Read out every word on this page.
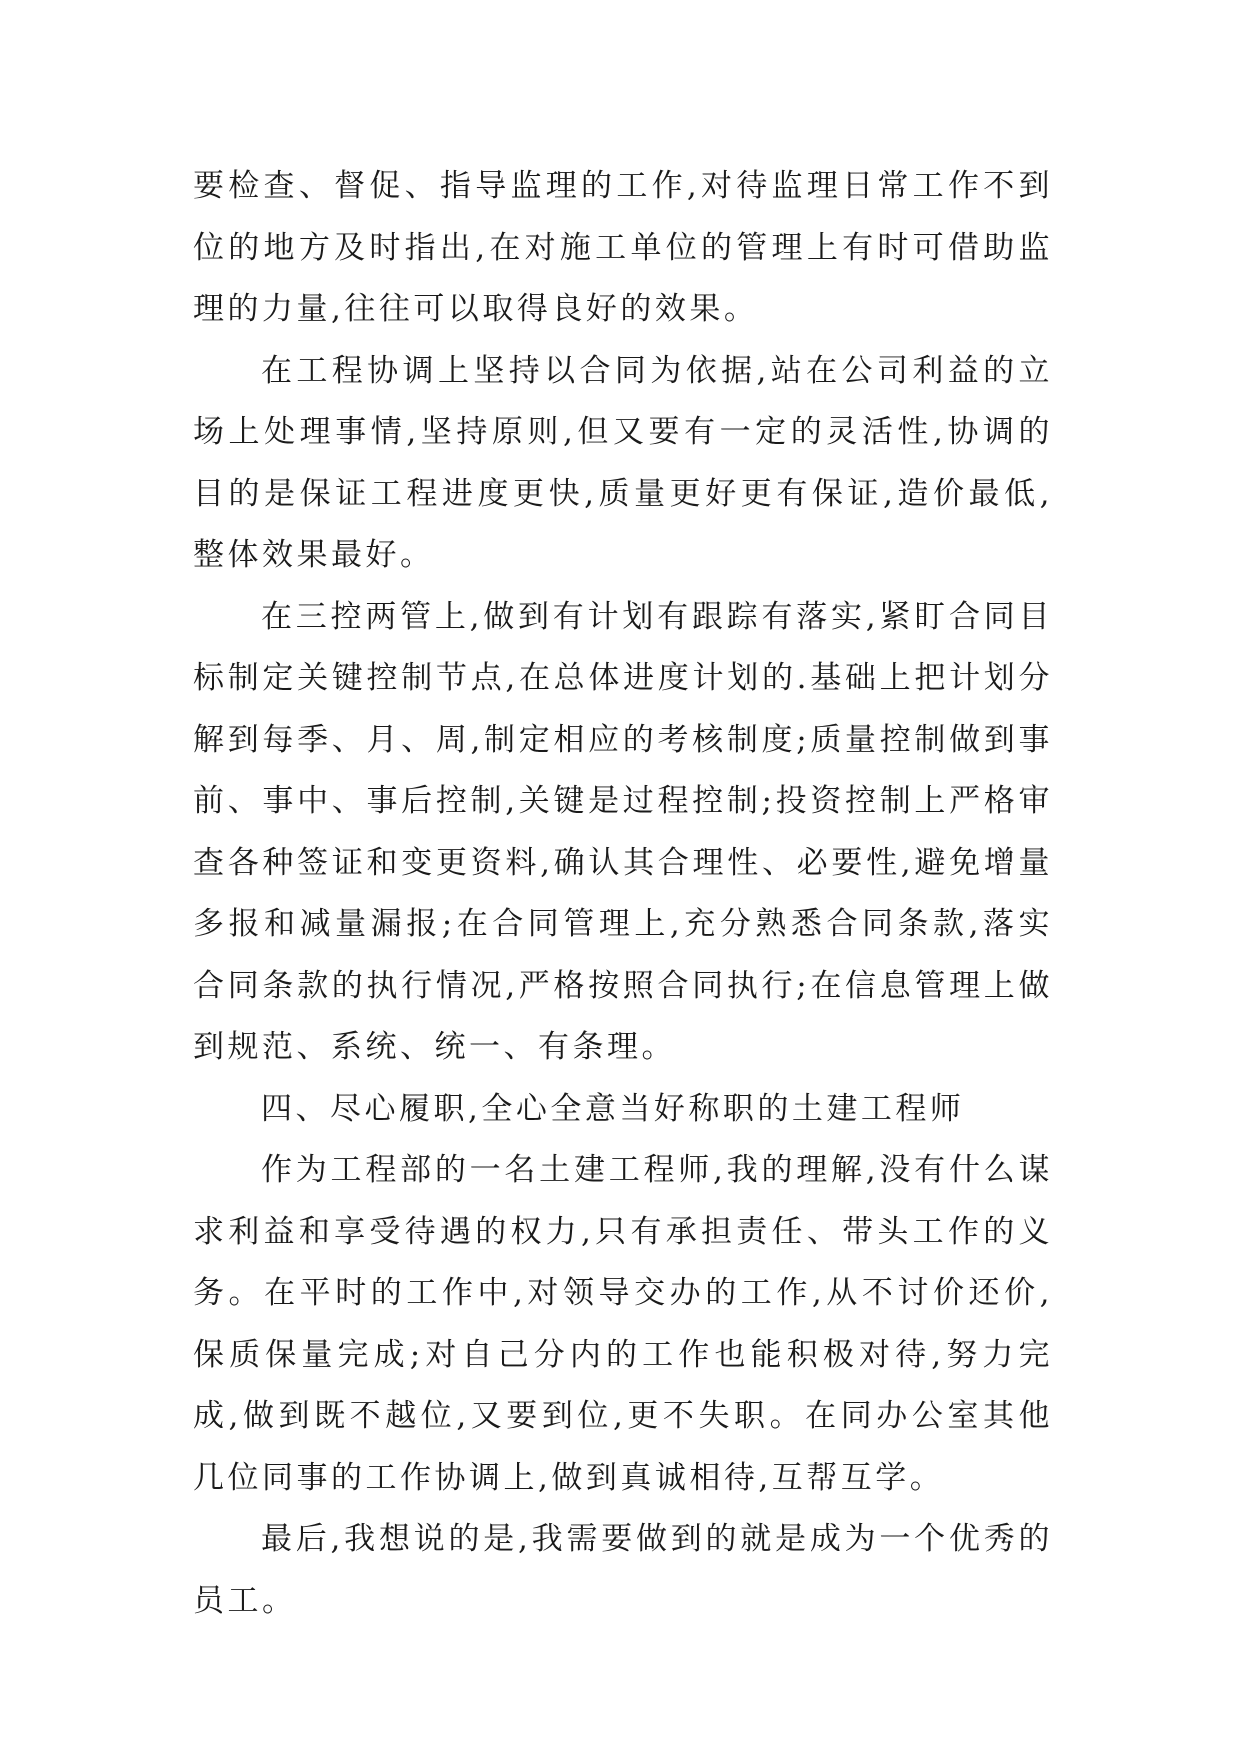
要检查、督促、指导监理的工作,对待监理日常工作不到位的地方及时指出,在对施工单位的管理上有时可借助监理的力量,往往可以取得良好的效果。

在工程协调上坚持以合同为依据,站在公司利益的立场上处理事情,坚持原则,但又要有一定的灵活性,协调的目的是保证工程进度更快,质量更好更有保证,造价最低,整体效果最好。

在三控两管上,做到有计划有跟踪有落实,紧盯合同目标制定关键控制节点,在总体进度计划的.基础上把计划分解到每季、月、周,制定相应的考核制度;质量控制做到事前、事中、事后控制,关键是过程控制;投资控制上严格审查各种签证和变更资料,确认其合理性、必要性,避免增量多报和减量漏报;在合同管理上,充分熟悉合同条款,落实合同条款的执行情况,严格按照合同执行;在信息管理上做到规范、系统、统一、有条理。

四、尽心履职,全心全意当好称职的土建工程师

作为工程部的一名土建工程师,我的理解,没有什么谋求利益和享受待遇的权力,只有承担责任、带头工作的义务。在平时的工作中,对领导交办的工作,从不讨价还价,保质保量完成;对自己分内的工作也能积极对待,努力完成,做到既不越位,又要到位,更不失职。在同办公室其他几位同事的工作协调上,做到真诚相待,互帮互学。

最后,我想说的是,我需要做到的就是成为一个优秀的员工。
